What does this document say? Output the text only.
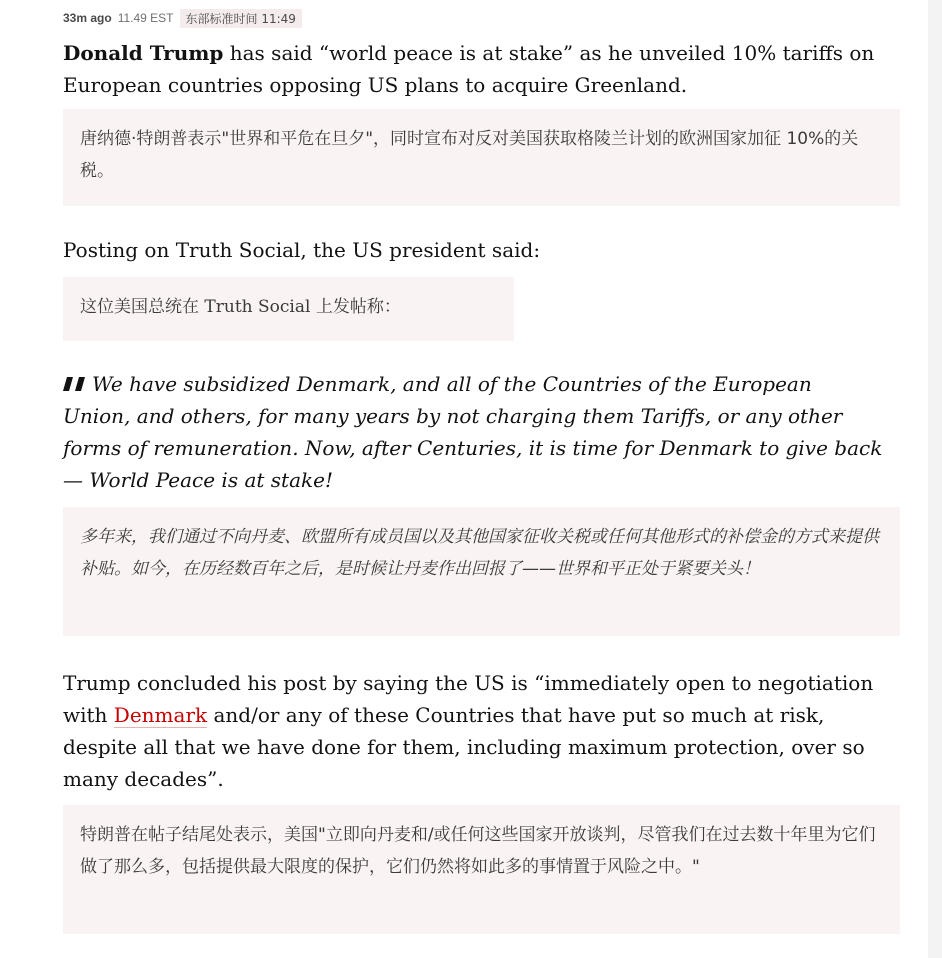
33m ago 11.49 EST	东部标准时间 11:49

Donald Trump has said “world peace is at stake” as he unveiled 10% tariffs on European countries opposing US plans to acquire Greenland.

唐纳德·特朗普表示"世界和平危在旦夕"，同时宣布对反对美国获取格陵兰计划的欧洲国家加征 10%的关税。

Posting on Truth Social, the US president said:

这位美国总统在 Truth Social 上发帖称：

We have subsidized Denmark, and all of the Countries of the European Union, and others, for many years by not charging them Tariffs, or any other forms of remuneration. Now, after Centuries, it is time for Denmark to give back — World Peace is at stake!

多年来，我们通过不向丹麦、欧盟所有成员国以及其他国家征收关税或任何其他形式的补偿金的方式来提供补贴。如今，在历经数百年之后，是时候让丹麦作出回报了——世界和平正处于紧要关头！

Trump concluded his post by saying the US is “immediately open to negotiation with Denmark and/or any of these Countries that have put so much at risk, despite all that we have done for them, including maximum protection, over so many decades”.

特朗普在帖子结尾处表示，美国"立即向丹麦和/或任何这些国家开放谈判，尽管我们在过去数十年里为它们做了那么多，包括提供最大限度的保护，它们仍然将如此多的事情置于风险之中。"
